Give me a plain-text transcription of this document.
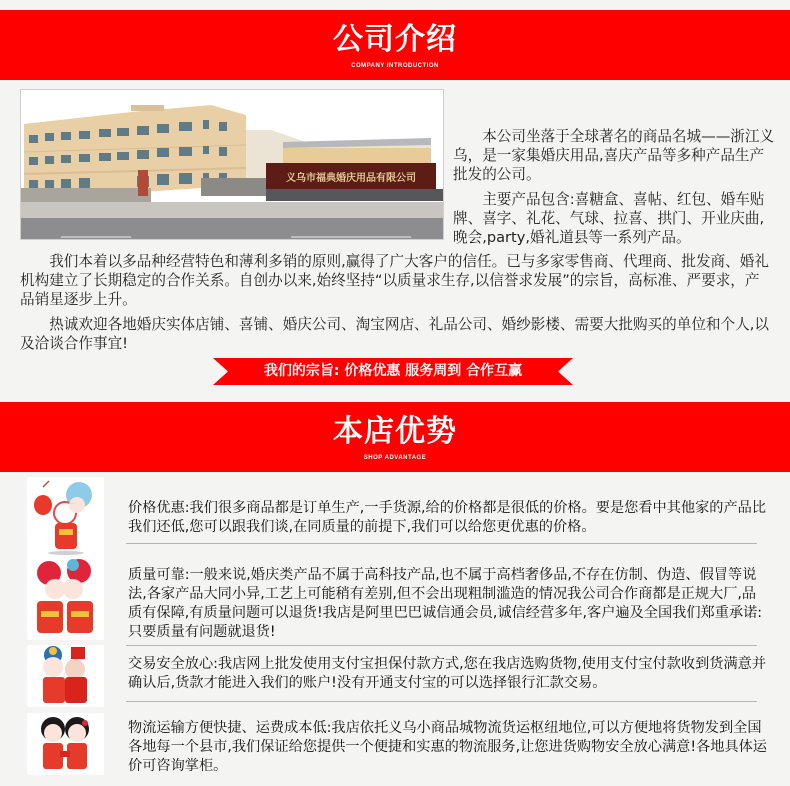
公司介绍
COMPANY INTRODUCTION
义乌市福典婚庆用品有限公司

本公司坐落于全球著名的商品名城——浙江义乌，是一家集婚庆用品,喜庆产品等多种产品生产批发的公司。

主要产品包含:喜糖盒、喜帖、红包、婚车贴牌、喜字、礼花、气球、拉喜、拱门、开业庆曲,晚会,party,婚礼道县等一系列产品。

我们本着以多品种经营特色和薄利多销的原则,赢得了广大客户的信任。已与多家零售商、代理商、批发商、婚礼机构建立了长期稳定的合作关系。自创办以来,始终坚持“以质量求生存,以信誉求发展”的宗旨，高标准、严要求，产品销星逐步上升。

热诚欢迎各地婚庆实体店铺、喜铺、婚庆公司、淘宝网店、礼品公司、婚纱影楼、需要大批购买的单位和个人,以及洽谈合作事宜!

我们的宗旨: 价格优惠 服务周到 合作互赢
本店优势
SHOP ADVANTAGE
价格优惠:我们很多商品都是订单生产,一手货源,给的价格都是很低的价格。要是您看中其他家的产品比我们还低,您可以跟我们谈,在同质量的前提下,我们可以给您更优惠的价格。
质量可靠:一般来说,婚庆类产品不属于高科技产品,也不属于高档奢侈品,不存在仿制、伪造、假冒等说法,各家产品大同小异,工艺上可能稍有差别,但不会出现粗制滥造的情况我公司合作商都是正规大厂,品质有保障,有质量问题可以退货!我店是阿里巴巴诚信通会员,诚信经营多年,客户遍及全国我们郑重承诺:只要质量有问题就退货!
交易安全放心:我店网上批发使用支付宝担保付款方式,您在我店选购货物,使用支付宝付款收到货满意并确认后,货款才能进入我们的账户!没有开通支付宝的可以选择银行汇款交易。
物流运输方便快捷、运费成本低:我店依托义乌小商品城物流货运枢纽地位,可以方便地将货物发到全国各地每一个县市,我们保证给您提供一个便捷和实惠的物流服务,让您进货购物安全放心满意!各地具体运价可咨询掌柜。
